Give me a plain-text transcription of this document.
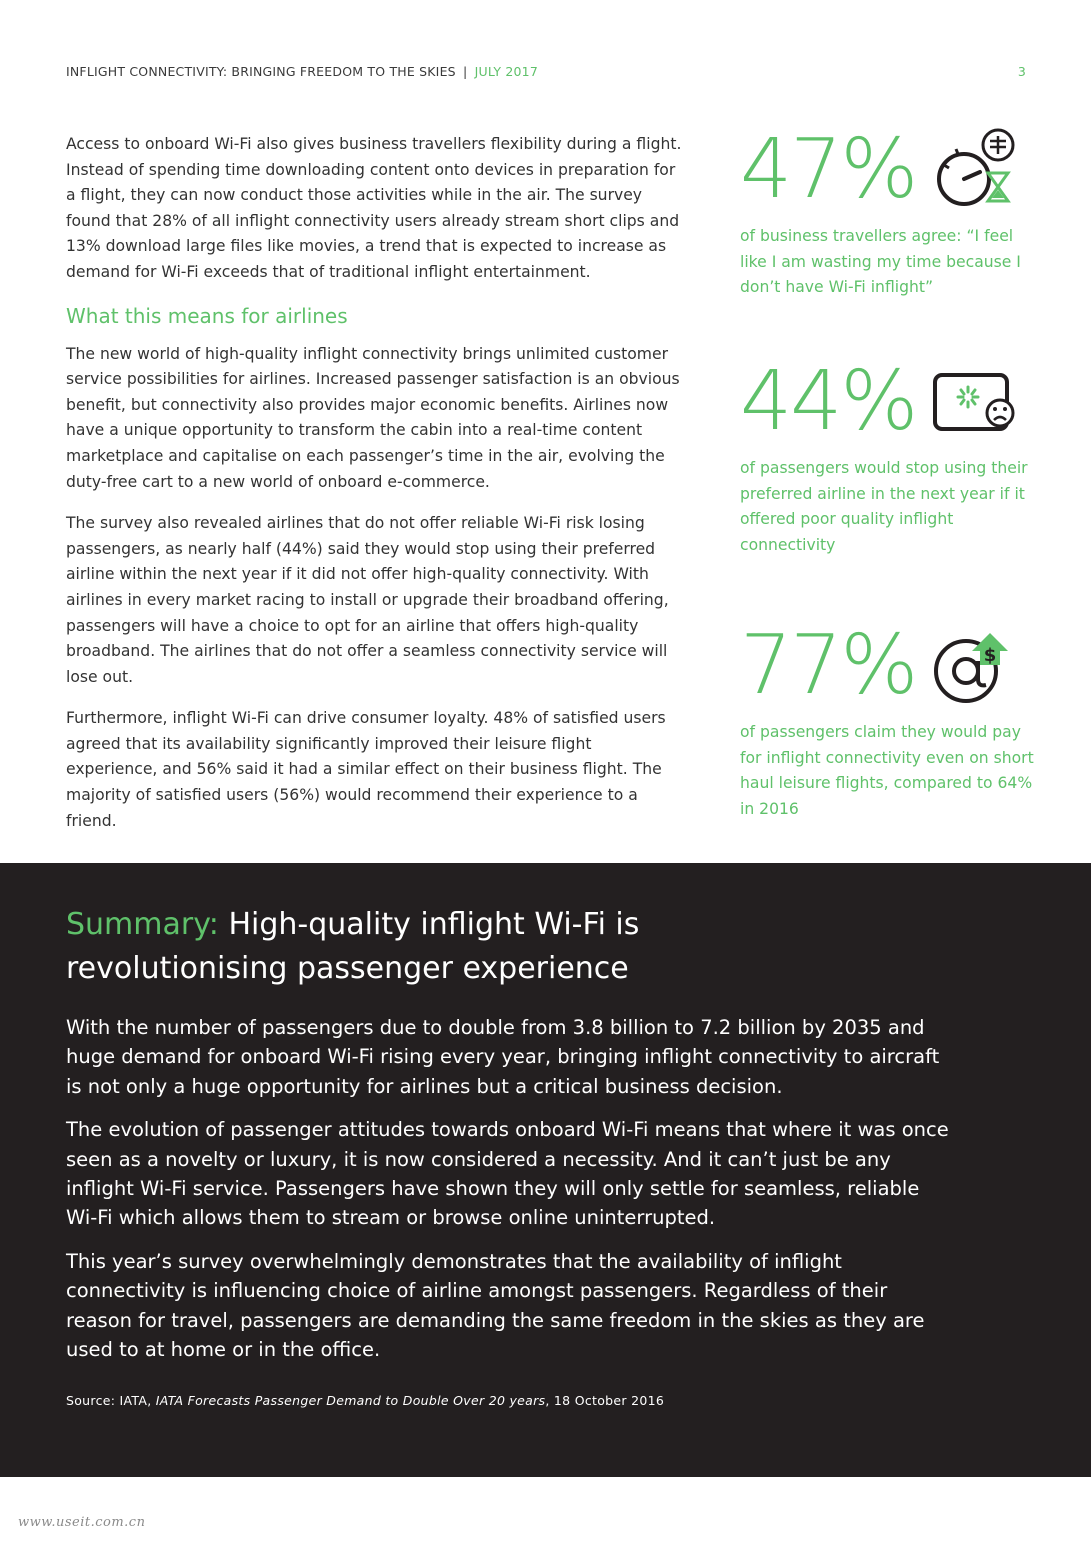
INFLIGHT CONNECTIVITY: BRINGING FREEDOM TO THE SKIES | JULY 2017	3

Access to onboard Wi-Fi also gives business travellers flexibility during a flight. Instead of spending time downloading content onto devices in preparation for a flight, they can now conduct those activities while in the air. The survey found that 28% of all inflight connectivity users already stream short clips and 13% download large files like movies, a trend that is expected to increase as demand for Wi-Fi exceeds that of traditional inflight entertainment.

What this means for airlines

The new world of high-quality inflight connectivity brings unlimited customer service possibilities for airlines. Increased passenger satisfaction is an obvious benefit, but connectivity also provides major economic benefits. Airlines now have a unique opportunity to transform the cabin into a real-time content marketplace and capitalise on each passenger’s time in the air, evolving the duty-free cart to a new world of onboard e-commerce.

The survey also revealed airlines that do not offer reliable Wi-Fi risk losing passengers, as nearly half (44%) said they would stop using their preferred airline within the next year if it did not offer high-quality connectivity. With airlines in every market racing to install or upgrade their broadband offering, passengers will have a choice to opt for an airline that offers high-quality broadband. The airlines that do not offer a seamless connectivity service will lose out.

Furthermore, inflight Wi-Fi can drive consumer loyalty. 48% of satisfied users agreed that its availability significantly improved their leisure flight experience, and 56% said it had a similar effect on their business flight. The majority of satisfied users (56%) would recommend their experience to a friend.

47%
of business travellers agree: “I feel like I am wasting my time because I don’t have Wi-Fi inflight”
44%
of passengers would stop using their preferred airline in the next year if it offered poor quality inflight connectivity
77%	$
of passengers claim they would pay for inflight connectivity even on short haul leisure flights, compared to 64% in 2016
Summary: High-quality inflight Wi-Fi is revolutionising passenger experience

With the number of passengers due to double from 3.8 billion to 7.2 billion by 2035 and huge demand for onboard Wi-Fi rising every year, bringing inflight connectivity to aircraft is not only a huge opportunity for airlines but a critical business decision.

The evolution of passenger attitudes towards onboard Wi-Fi means that where it was once seen as a novelty or luxury, it is now considered a necessity. And it can’t just be any inflight Wi-Fi service. Passengers have shown they will only settle for seamless, reliable Wi-Fi which allows them to stream or browse online uninterrupted.

This year’s survey overwhelmingly demonstrates that the availability of inflight connectivity is influencing choice of airline amongst passengers. Regardless of their reason for travel, passengers are demanding the same freedom in the skies as they are used to at home or in the office.

Source: IATA, IATA Forecasts Passenger Demand to Double Over 20 years, 18 October 2016
www.useit.com.cn
